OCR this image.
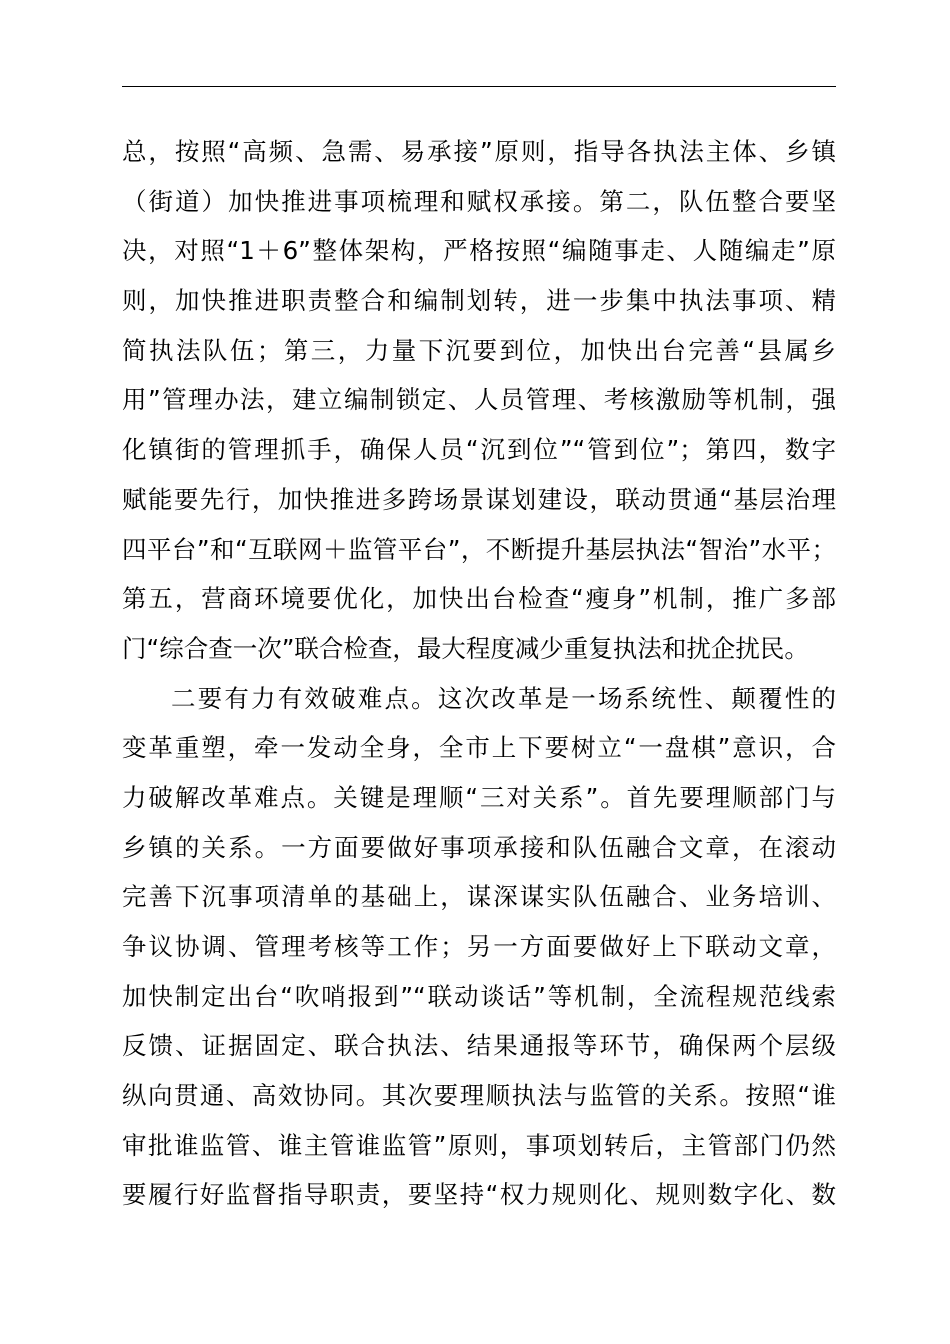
总，按照“高频、急需、易承接”原则，指导各执法主体、乡镇
（街道）加快推进事项梳理和赋权承接。第二，队伍整合要坚
决，对照“1＋6”整体架构，严格按照“编随事走、人随编走”原
则，加快推进职责整合和编制划转，进一步集中执法事项、精
简执法队伍；第三，力量下沉要到位，加快出台完善“县属乡
用”管理办法，建立编制锁定、人员管理、考核激励等机制，强
化镇街的管理抓手，确保人员“沉到位”“管到位”；第四，数字
赋能要先行，加快推进多跨场景谋划建设，联动贯通“基层治理
四平台”和“互联网＋监管平台”，不断提升基层执法“智治”水平；
第五，营商环境要优化，加快出台检查“瘦身”机制，推广多部
门“综合查一次”联合检查，最大程度减少重复执法和扰企扰民。
二要有力有效破难点。这次改革是一场系统性、颠覆性的
变革重塑，牵一发动全身，全市上下要树立“一盘棋”意识，合
力破解改革难点。关键是理顺“三对关系”。首先要理顺部门与
乡镇的关系。一方面要做好事项承接和队伍融合文章，在滚动
完善下沉事项清单的基础上，谋深谋实队伍融合、业务培训、
争议协调、管理考核等工作；另一方面要做好上下联动文章，
加快制定出台“吹哨报到”“联动谈话”等机制，全流程规范线索
反馈、证据固定、联合执法、结果通报等环节，确保两个层级
纵向贯通、高效协同。其次要理顺执法与监管的关系。按照“谁
审批谁监管、谁主管谁监管”原则，事项划转后，主管部门仍然
要履行好监督指导职责，要坚持“权力规则化、规则数字化、数
